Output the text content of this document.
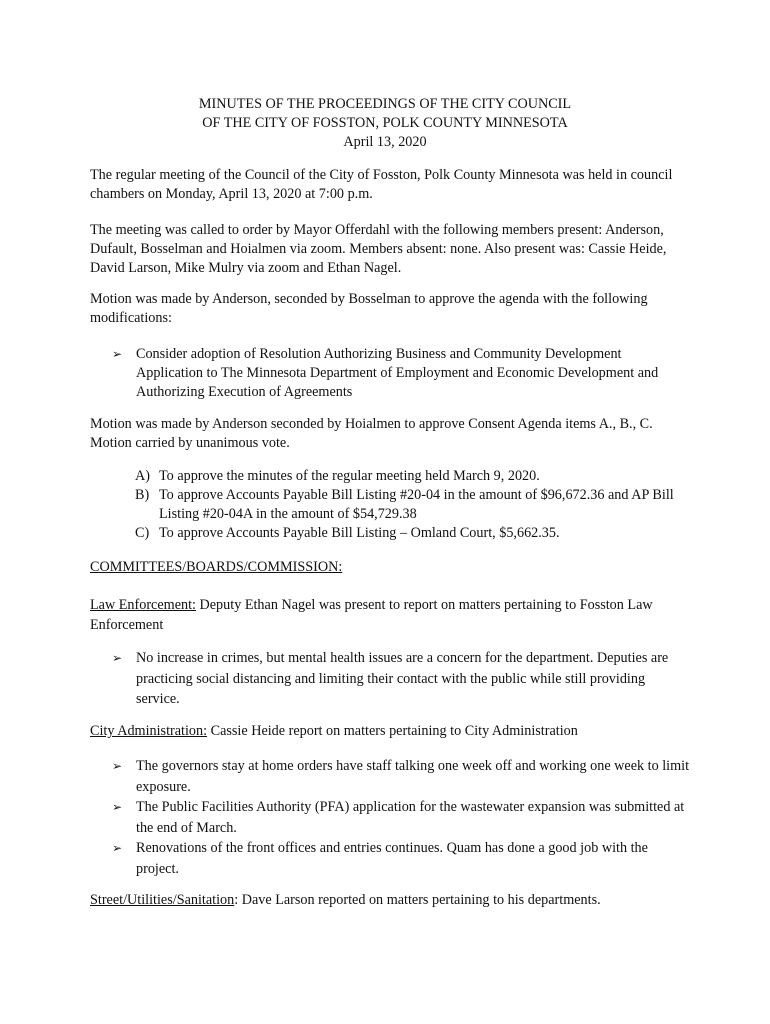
MINUTES OF THE PROCEEDINGS OF THE CITY COUNCIL
OF THE CITY OF FOSSTON, POLK COUNTY MINNESOTA
April 13, 2020

The regular meeting of the Council of the City of Fosston, Polk County Minnesota was held in council chambers on Monday, April 13, 2020 at 7:00 p.m.

The meeting was called to order by Mayor Offerdahl with the following members present: Anderson, Dufault, Bosselman and Hoialmen via zoom. Members absent: none. Also present was: Cassie Heide, David Larson, Mike Mulry via zoom and Ethan Nagel.

Motion was made by Anderson, seconded by Bosselman to approve the agenda with the following modifications:

➢ Consider adoption of Resolution Authorizing Business and Community Development Application to The Minnesota Department of Employment and Economic Development and Authorizing Execution of Agreements

Motion was made by Anderson seconded by Hoialmen to approve Consent Agenda items A., B., C. Motion carried by unanimous vote.

A) To approve the minutes of the regular meeting held March 9, 2020.
B) To approve Accounts Payable Bill Listing #20-04 in the amount of $96,672.36 and AP Bill Listing #20-04A in the amount of $54,729.38
C) To approve Accounts Payable Bill Listing – Omland Court, $5,662.35.

COMMITTEES/BOARDS/COMMISSION:

Law Enforcement: Deputy Ethan Nagel was present to report on matters pertaining to Fosston Law Enforcement

➢ No increase in crimes, but mental health issues are a concern for the department. Deputies are practicing social distancing and limiting their contact with the public while still providing service.

City Administration: Cassie Heide report on matters pertaining to City Administration

➢ The governors stay at home orders have staff talking one week off and working one week to limit exposure.
➢ The Public Facilities Authority (PFA) application for the wastewater expansion was submitted at the end of March.
➢ Renovations of the front offices and entries continues. Quam has done a good job with the project.

Street/Utilities/Sanitation: Dave Larson reported on matters pertaining to his departments.
